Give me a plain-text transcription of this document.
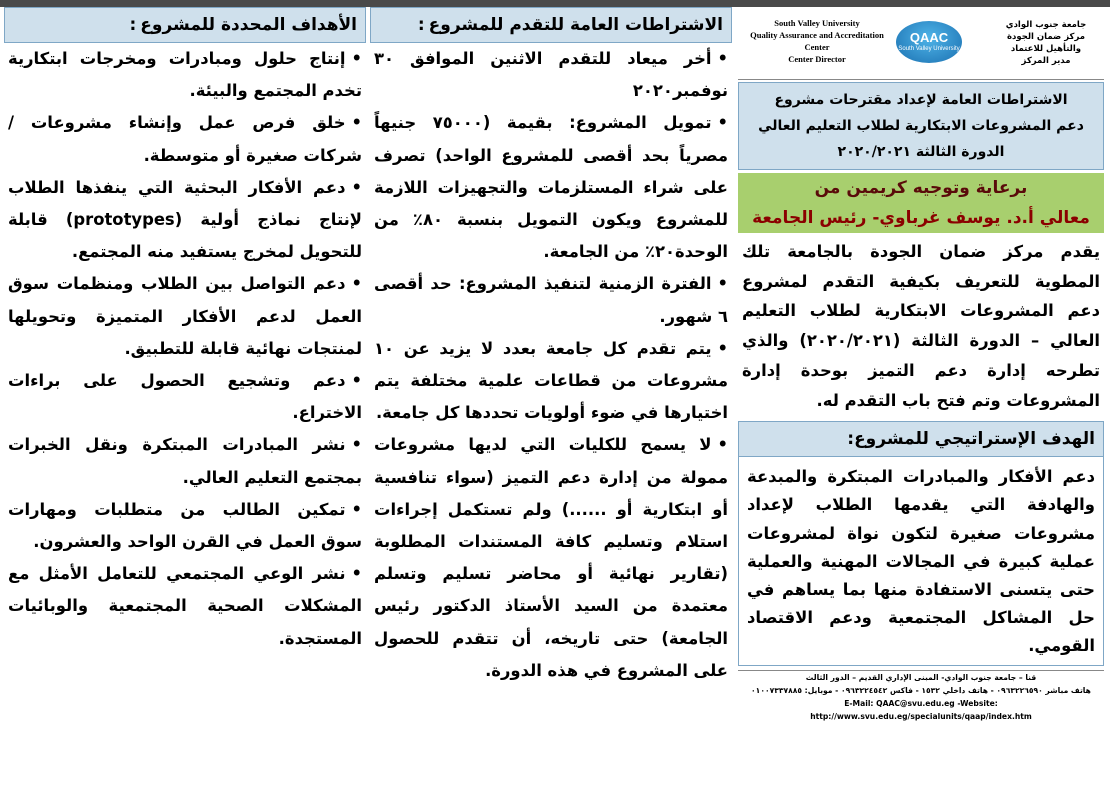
South Valley University
Quality Assurance and Accreditation Center
Center Director
QAAC
South Valley University
جامعة جنوب الوادي
مركز ضمان الجودة والتأهيل للاعتماد
مدير المركز
الاشتراطات العامة لإعداد مقترحات مشروع
دعم المشروعات الابتكارية لطلاب التعليم العالي
الدورة الثالثة ٢٠٢٠/٢٠٢١
برعاية وتوجيه كريمين من
معالي أ.د. يوسف غرباوي- رئيس الجامعة
يقدم مركز ضمان الجودة بالجامعة تلك المطوية للتعريف بكيفية التقدم لمشروع دعم المشروعات الابتكارية لطلاب التعليم العالي – الدورة الثالثة (٢٠٢٠/٢٠٢١) والذي تطرحه إدارة دعم التميز بوحدة إدارة المشروعات وتم فتح باب التقدم له.
الهدف الإستراتيجي للمشروع:
دعم الأفكار والمبادرات المبتكرة والمبدعة والهادفة التي يقدمها الطلاب لإعداد مشروعات صغيرة لتكون نواة لمشروعات عملية كبيرة في المجالات المهنية والعملية حتى يتسنى الاستفادة منها بما يساهم في حل المشاكل المجتمعية ودعم الاقتصاد القومي.
قنا – جامعة جنوب الوادي- المبنى الإداري القديم – الدور الثالث
هاتف مباشر ٠٩٦٣٢٢٦٥٩٠ - هاتف داخلي ١٥٣٢ - فاكس ٠٩٦٣٢٢٤٥٤٢ - موبايل: ٠١٠٠٧٣٣٧٨٨٥
E-Mail: QAAC@svu.edu.eg -Website: http://www.svu.edu.eg/specialunits/qaap/index.htm
الاشتراطات العامة للتقدم للمشروع:
• أخر ميعاد للتقدم الاثنين الموافق ٣٠ نوفمبر٢٠٢٠
• تمويل المشروع: بقيمة (٧٥٠٠٠ جنيهاً مصرياً بحد أقصى للمشروع الواحد) تصرف على شراء المستلزمات والتجهيزات اللازمة للمشروع ويكون التمويل بنسبة ٨٠٪ من الوحدة٢٠٪ من الجامعة.
• الفترة الزمنية لتنفيذ المشروع: حد أقصى ٦ شهور.
• يتم تقدم كل جامعة بعدد لا يزيد عن ١٠ مشروعات من قطاعات علمية مختلفة يتم اختيارها في ضوء أولويات تحددها كل جامعة.
• لا يسمح للكليات التي لديها مشروعات ممولة من إدارة دعم التميز (سواء تنافسية أو ابتكارية أو ......) ولم تستكمل إجراءات استلام وتسليم كافة المستندات المطلوبة (تقارير نهائية أو محاضر تسليم وتسلم معتمدة من السيد الأستاذ الدكتور رئيس الجامعة) حتى تاريخه، أن تتقدم للحصول على المشروع في هذه الدورة.
الأهداف المحددة للمشروع:
• إنتاج حلول ومبادرات ومخرجات ابتكارية تخدم المجتمع والبيئة.
• خلق فرص عمل وإنشاء مشروعات / شركات صغيرة أو متوسطة.
• دعم الأفكار البحثية التي ينفذها الطلاب لإنتاج نماذج أولية (prototypes) قابلة للتحويل لمخرج يستفيد منه المجتمع.
• دعم التواصل بين الطلاب ومنظمات سوق العمل لدعم الأفكار المتميزة وتحويلها لمنتجات نهائية قابلة للتطبيق.
• دعم وتشجيع الحصول على براءات الاختراع.
• نشر المبادرات المبتكرة ونقل الخبرات بمجتمع التعليم العالي.
• تمكين الطالب من متطلبات ومهارات سوق العمل في القرن الواحد والعشرون.
• نشر الوعي المجتمعي للتعامل الأمثل مع المشكلات الصحية المجتمعية والوبائيات المستجدة.
